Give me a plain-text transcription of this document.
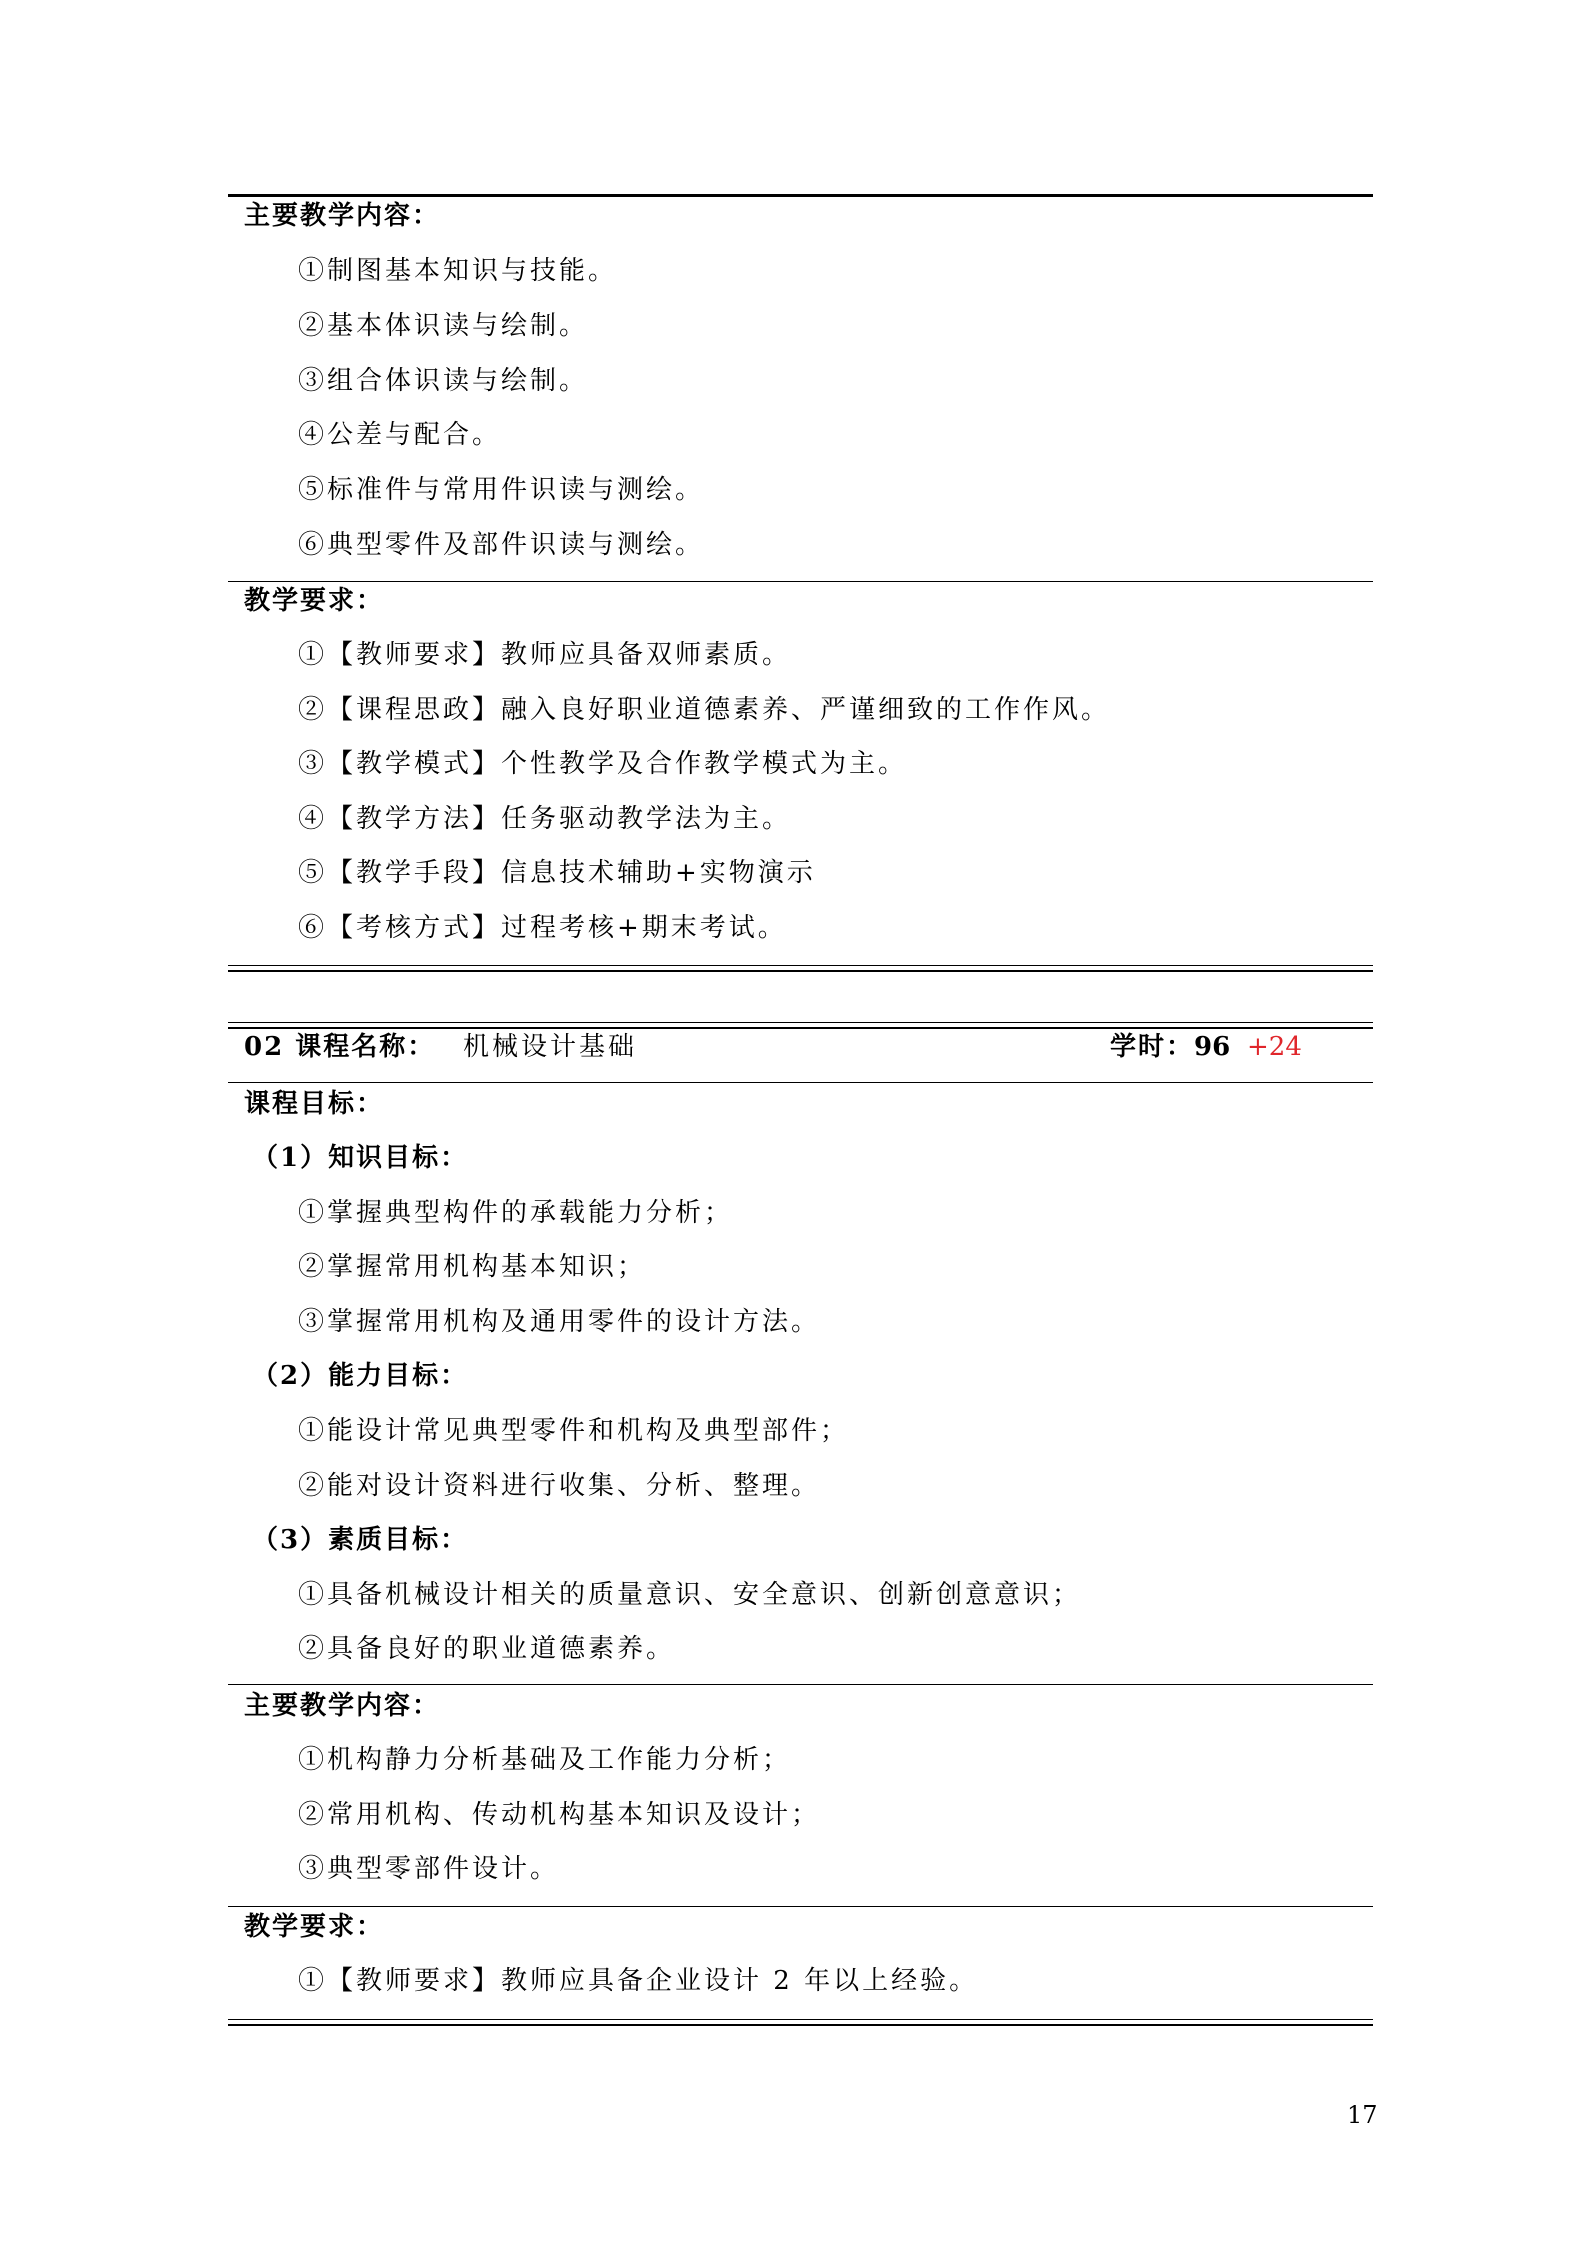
主要教学内容：
①制图基本知识与技能。
②基本体识读与绘制。
③组合体识读与绘制。
④公差与配合。
⑤标准件与常用件识读与测绘。
⑥典型零件及部件识读与测绘。
教学要求：
①【教师要求】教师应具备双师素质。
②【课程思政】融入良好职业道德素养、严谨细致的工作作风。
③【教学模式】个性教学及合作教学模式为主。
④【教学方法】任务驱动教学法为主。
⑤【教学手段】信息技术辅助+实物演示
⑥【考核方式】过程考核+期末考试。
02 课程名称： 机械设计基础	学时：96 +24
课程目标：
（1）知识目标：
①掌握典型构件的承载能力分析；
②掌握常用机构基本知识；
③掌握常用机构及通用零件的设计方法。
（2）能力目标：
①能设计常见典型零件和机构及典型部件；
②能对设计资料进行收集、分析、整理。
（3）素质目标：
①具备机械设计相关的质量意识、安全意识、创新创意意识；
②具备良好的职业道德素养。
主要教学内容：
①机构静力分析基础及工作能力分析；
②常用机构、传动机构基本知识及设计；
③典型零部件设计。
教学要求：
①【教师要求】教师应具备企业设计 2 年以上经验。
17
